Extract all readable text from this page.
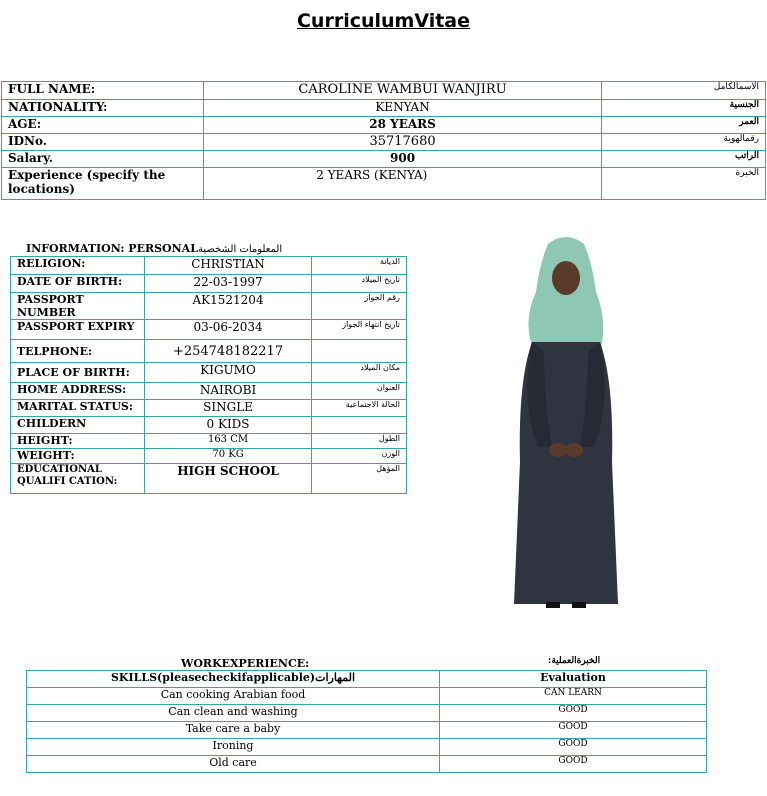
CurriculumVitae
FULL NAME:	CAROLINE WAMBUI WANJIRU	الاسمالكامل
NATIONALITY:	KENYAN	الجنسية
AGE:	28 YEARS	العمر
IDNo.	35717680	رقمالهوية
Salary.	900	الراتب
Experience (specify the locations)	2 YEARS (KENYA)	الخبرة
INFORMATION: PERSONALالمعلومات الشخصية
RELIGION:	CHRISTIAN	الديانة
DATE OF BIRTH:	22-03-1997	تاريخ الميلاد
PASSPORT NUMBER	AK1521204	رقم الجواز
PASSPORT EXPIRY	03-06-2034	تاريخ انتهاء الجواز
TELPHONE:	+254748182217	
PLACE OF BIRTH:	KIGUMO	مكان الميلاد
HOME ADDRESS:	NAIROBI	العنوان
MARITAL STATUS:	SINGLE	الحالة الاجتماعية
CHILDERN	0 KIDS	
HEIGHT:	163 CM	الطول
WEIGHT:	70 KG	الوزن
EDUCATIONAL QUALIFI CATION:	HIGH SCHOOL	المؤهل
WORKEXPERIENCE:	الخبرةالعملية:
SKILLS(pleasecheckifapplicable)المهارات	Evaluation
Can cooking Arabian food	CAN LEARN
Can clean and washing	GOOD
Take care a baby	GOOD
Ironing	GOOD
Old care	GOOD
